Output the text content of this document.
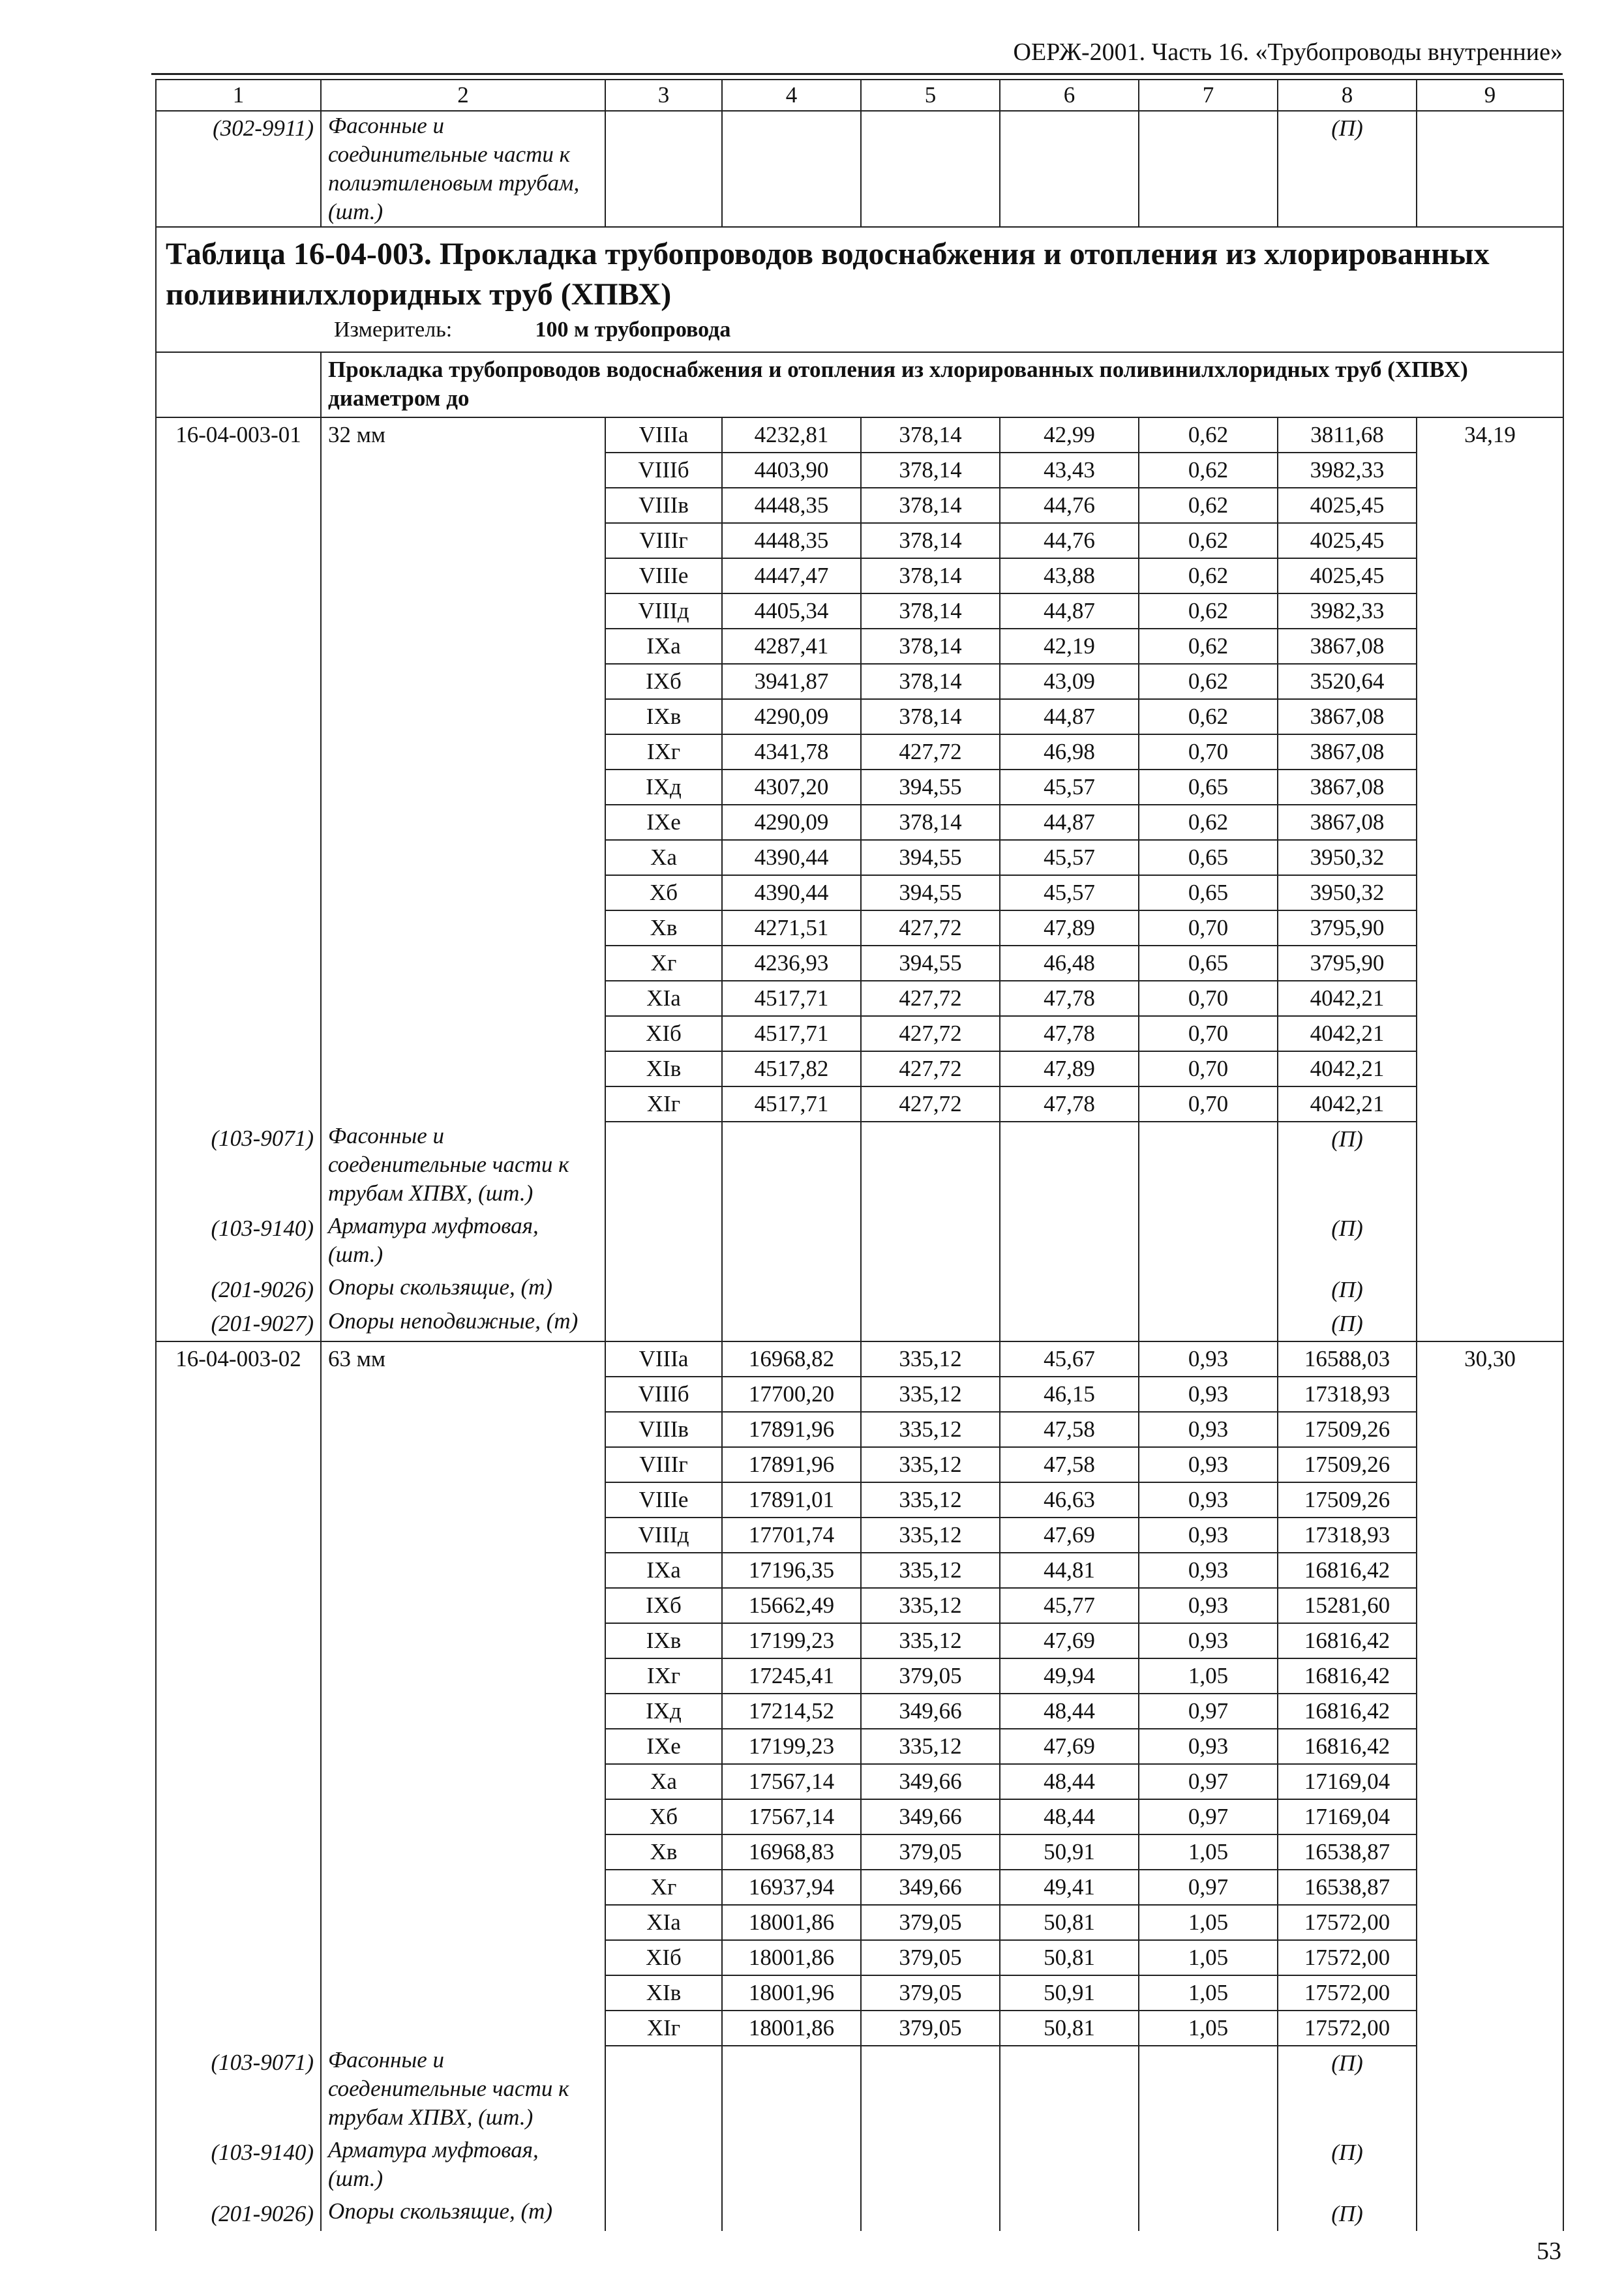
ОЕРЖ-2001. Часть 16. «Трубопроводы внутренние»
1	2	3	4	5	6	7	8	9
(302-9911)	Фасонные и соединительные части к полиэтиленовым трубам, (шт.)						(П)	

Таблица 16-04-003. Прокладка трубопроводов водоснабжения и отопления из хлорированных поливинилхлоридных труб (ХПВХ)
Измеритель: 100 м трубопровода								

	Прокладка трубопроводов водоснабжения и отопления из хлорированных поливинилхлоридных труб (ХПВХ) диаметром до							
16-04-003-01	32 мм	VIIIа	4232,81	378,14	42,99	0,62	3811,68	34,19
		VIIIб	4403,90	378,14	43,43	0,62	3982,33	
		VIIIв	4448,35	378,14	44,76	0,62	4025,45	
		VIIIг	4448,35	378,14	44,76	0,62	4025,45	
		VIIIе	4447,47	378,14	43,88	0,62	4025,45	
		VIIIд	4405,34	378,14	44,87	0,62	3982,33	
		IXа	4287,41	378,14	42,19	0,62	3867,08	
		IXб	3941,87	378,14	43,09	0,62	3520,64	
		IXв	4290,09	378,14	44,87	0,62	3867,08	
		IXг	4341,78	427,72	46,98	0,70	3867,08	
		IXд	4307,20	394,55	45,57	0,65	3867,08	
		IXе	4290,09	378,14	44,87	0,62	3867,08	
		Xа	4390,44	394,55	45,57	0,65	3950,32	
		Xб	4390,44	394,55	45,57	0,65	3950,32	
		Xв	4271,51	427,72	47,89	0,70	3795,90	
		Xг	4236,93	394,55	46,48	0,65	3795,90	
		XIа	4517,71	427,72	47,78	0,70	4042,21	
		XIб	4517,71	427,72	47,78	0,70	4042,21	
		XIв	4517,82	427,72	47,89	0,70	4042,21	
		XIг	4517,71	427,72	47,78	0,70	4042,21	
(103-9071)	Фасонные и
соеденительные части к
трубам ХПВХ, (шт.)						(П)	
(103-9140)	Арматура муфтовая,
(шт.)						(П)	
(201-9026)	Опоры скользящие, (т)						(П)	
(201-9027)	Опоры неподвижные, (т)						(П)	
16-04-003-02	63 мм	VIIIа	16968,82	335,12	45,67	0,93	16588,03	30,30
		VIIIб	17700,20	335,12	46,15	0,93	17318,93	
		VIIIв	17891,96	335,12	47,58	0,93	17509,26	
		VIIIг	17891,96	335,12	47,58	0,93	17509,26	
		VIIIе	17891,01	335,12	46,63	0,93	17509,26	
		VIIIд	17701,74	335,12	47,69	0,93	17318,93	
		IXа	17196,35	335,12	44,81	0,93	16816,42	
		IXб	15662,49	335,12	45,77	0,93	15281,60	
		IXв	17199,23	335,12	47,69	0,93	16816,42	
		IXг	17245,41	379,05	49,94	1,05	16816,42	
		IXд	17214,52	349,66	48,44	0,97	16816,42	
		IXе	17199,23	335,12	47,69	0,93	16816,42	
		Xа	17567,14	349,66	48,44	0,97	17169,04	
		Xб	17567,14	349,66	48,44	0,97	17169,04	
		Xв	16968,83	379,05	50,91	1,05	16538,87	
		Xг	16937,94	349,66	49,41	0,97	16538,87	
		XIа	18001,86	379,05	50,81	1,05	17572,00	
		XIб	18001,86	379,05	50,81	1,05	17572,00	
		XIв	18001,96	379,05	50,91	1,05	17572,00	
		XIг	18001,86	379,05	50,81	1,05	17572,00	
(103-9071)	Фасонные и
соеденительные части к
трубам ХПВХ, (шт.)						(П)	
(103-9140)	Арматура муфтовая,
(шт.)						(П)	
(201-9026)	Опоры скользящие, (т)						(П)	
53
